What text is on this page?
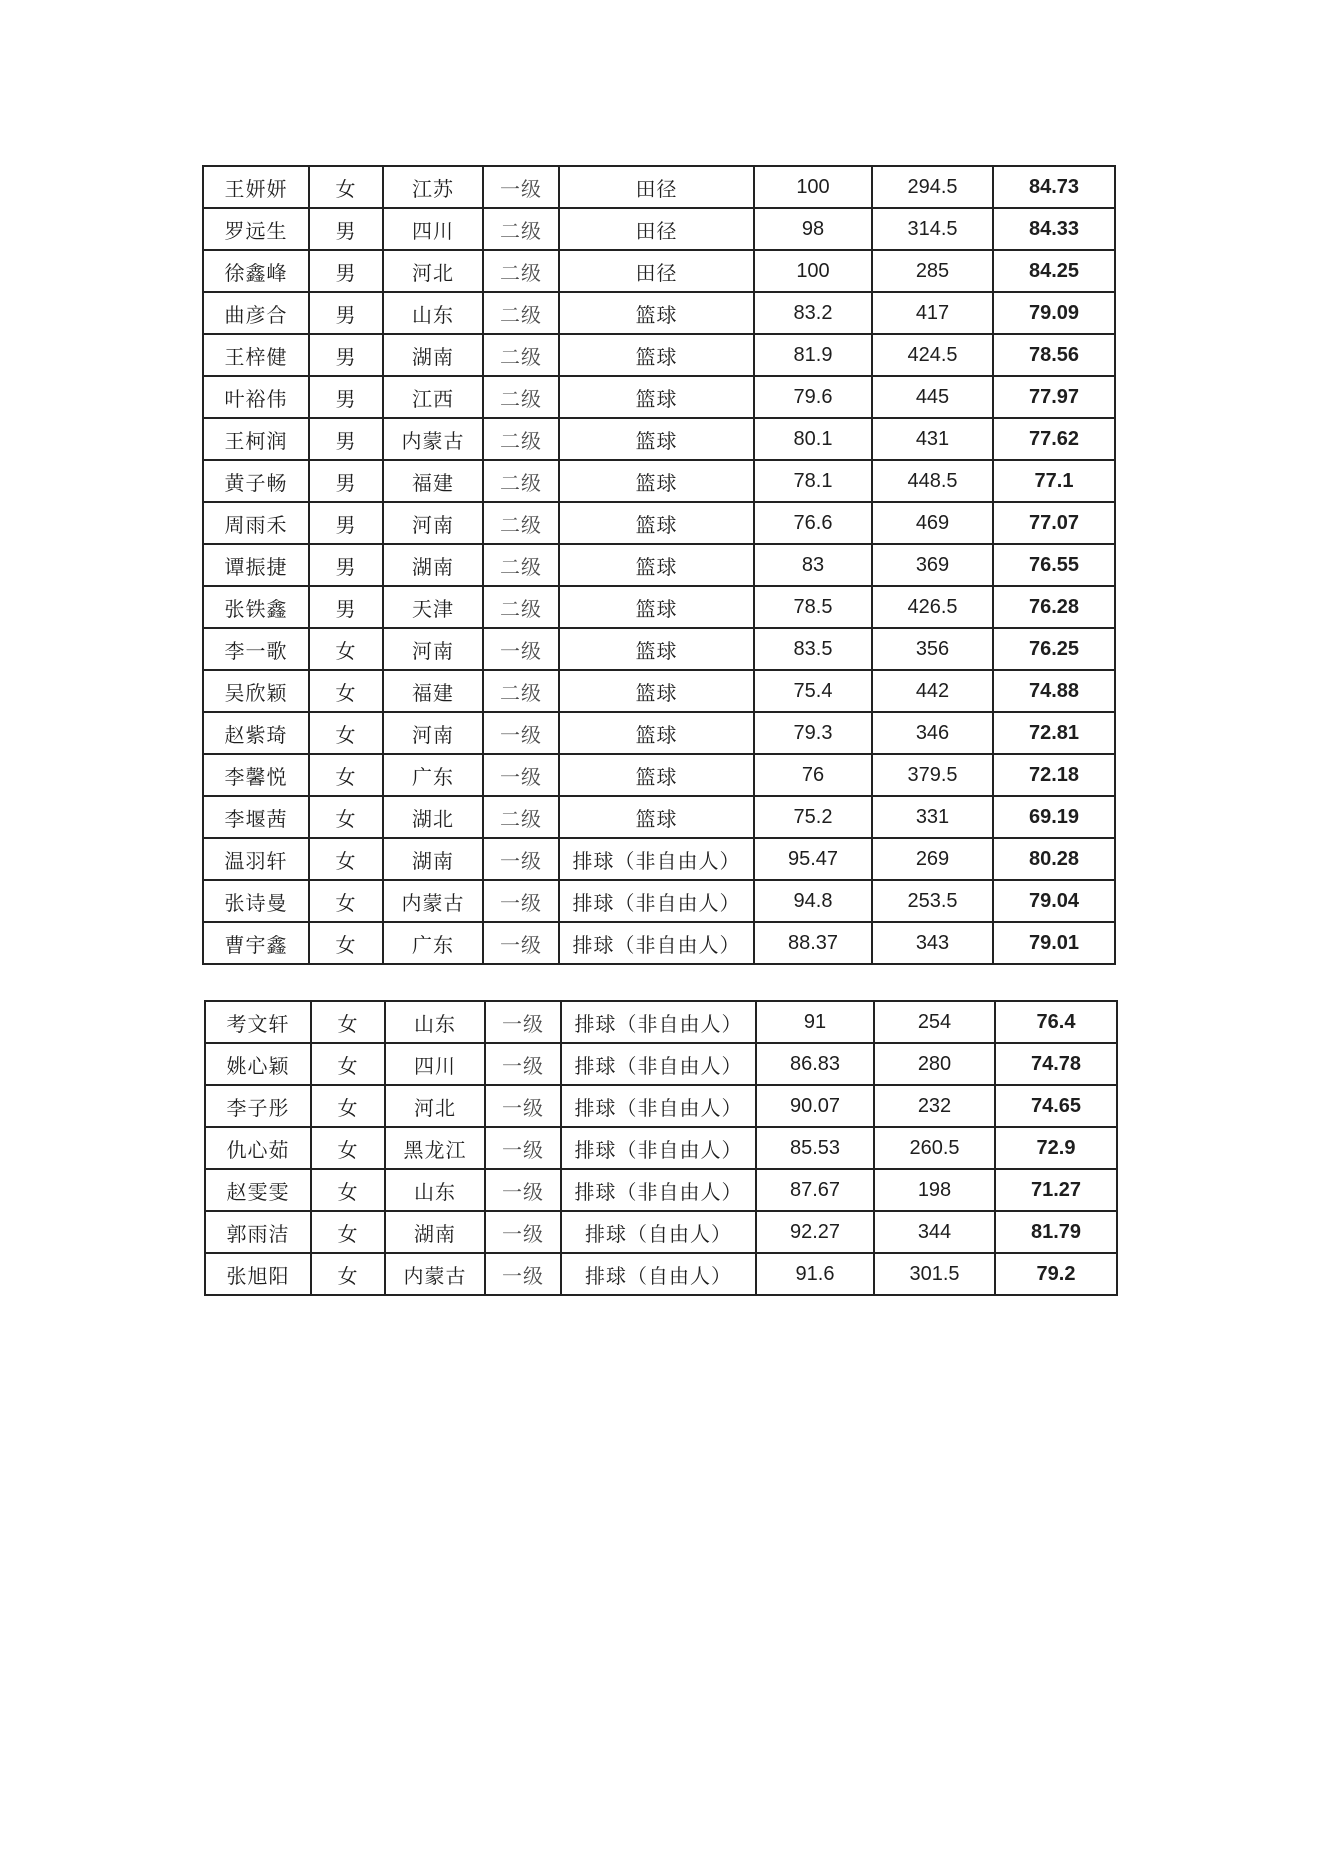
王妍妍	女	江苏	一级	田径	100	294.5	84.73
罗远生	男	四川	二级	田径	98	314.5	84.33
徐鑫峰	男	河北	二级	田径	100	285	84.25
曲彦合	男	山东	二级	篮球	83.2	417	79.09
王梓健	男	湖南	二级	篮球	81.9	424.5	78.56
叶裕伟	男	江西	二级	篮球	79.6	445	77.97
王柯润	男	内蒙古	二级	篮球	80.1	431	77.62
黄子畅	男	福建	二级	篮球	78.1	448.5	77.1
周雨禾	男	河南	二级	篮球	76.6	469	77.07
谭振捷	男	湖南	二级	篮球	83	369	76.55
张铁鑫	男	天津	二级	篮球	78.5	426.5	76.28
李一歌	女	河南	一级	篮球	83.5	356	76.25
吴欣颖	女	福建	二级	篮球	75.4	442	74.88
赵紫琦	女	河南	一级	篮球	79.3	346	72.81
李馨悦	女	广东	一级	篮球	76	379.5	72.18
李堰茜	女	湖北	二级	篮球	75.2	331	69.19
温羽轩	女	湖南	一级	排球（非自由人）	95.47	269	80.28
张诗曼	女	内蒙古	一级	排球（非自由人）	94.8	253.5	79.04
曹宇鑫	女	广东	一级	排球（非自由人）	88.37	343	79.01
考文轩	女	山东	一级	排球（非自由人）	91	254	76.4
姚心颖	女	四川	一级	排球（非自由人）	86.83	280	74.78
李子彤	女	河北	一级	排球（非自由人）	90.07	232	74.65
仇心茹	女	黑龙江	一级	排球（非自由人）	85.53	260.5	72.9
赵雯雯	女	山东	一级	排球（非自由人）	87.67	198	71.27
郭雨洁	女	湖南	一级	排球（自由人）	92.27	344	81.79
张旭阳	女	内蒙古	一级	排球（自由人）	91.6	301.5	79.2
